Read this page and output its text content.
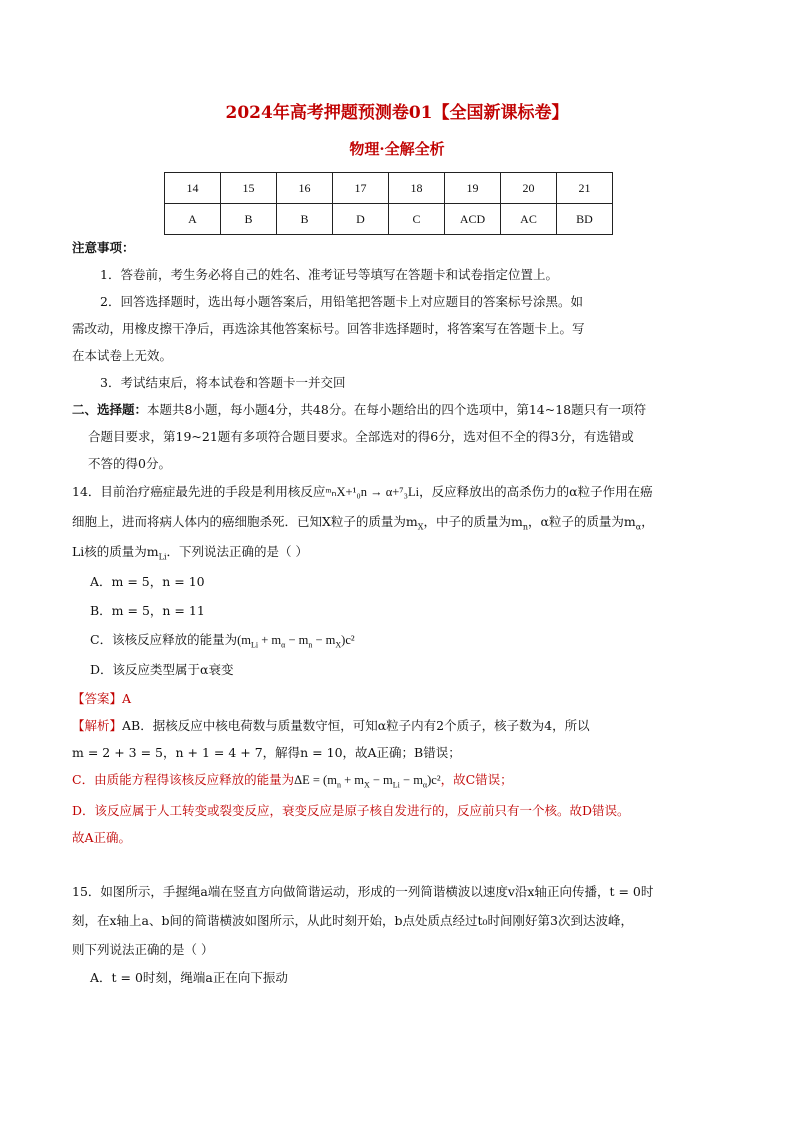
2024年高考押题预测卷01【全国新课标卷】
物理·全解全析
14	15	16	17	18	19	20	21
A	B	B	D	C	ACD	AC	BD
注意事项：
1．答卷前，考生务必将自己的姓名、准考证号等填写在答题卡和试卷指定位置上。
2．回答选择题时，选出每小题答案后，用铅笔把答题卡上对应题目的答案标号涂黑。如
需改动，用橡皮擦干净后，再选涂其他答案标号。回答非选择题时，将答案写在答题卡上。写
在本试卷上无效。
3．考试结束后，将本试卷和答题卡一并交回
二、选择题：本题共8小题，每小题4分，共48分。在每小题给出的四个选项中，第14~18题只有一项符
合题目要求，第19~21题有多项符合题目要求。全部选对的得6分，选对但不全的得3分，有选错或
不答的得0分。
14．目前治疗癌症最先进的手段是利用核反应ᵐₙX+¹₀n → α+⁷₃Li，反应释放出的高杀伤力的α粒子作用在癌
细胞上，进而将病人体内的癌细胞杀死．已知X粒子的质量为$m_X$，中子的质量为$m_n$，α粒子的质量为$m_\alpha$，
Li核的质量为$m_{Li}$．下列说法正确的是（ ）
A．m = 5，n = 10
B．m = 5，n = 11
C．该核反应释放的能量为$(m_{Li} + m_\alpha - m_n - m_X)c^2$
D．该反应类型属于α衰变
【答案】A
【解析】AB．据核反应中核电荷数与质量数守恒，可知α粒子内有2个质子，核子数为4，所以
m = 2 + 3 = 5，n + 1 = 4 + 7，解得n = 10，故A正确；B错误；
C．由质能方程得该核反应释放的能量为$\Delta E = (m_n + m_X - m_{Li} - m_\alpha)c^2$，故C错误；
D．该反应属于人工转变或裂变反应，衰变反应是原子核自发进行的，反应前只有一个核。故D错误。
故A正确。
15．如图所示，手握绳a端在竖直方向做简谐运动，形成的一列简谐横波以速度v沿x轴正向传播，t = 0时
刻，在x轴上a、b间的简谐横波如图所示，从此时刻开始，b点处质点经过t₀时间刚好第3次到达波峰，
则下列说法正确的是（ ）
A．t = 0时刻，绳端a正在向下振动
